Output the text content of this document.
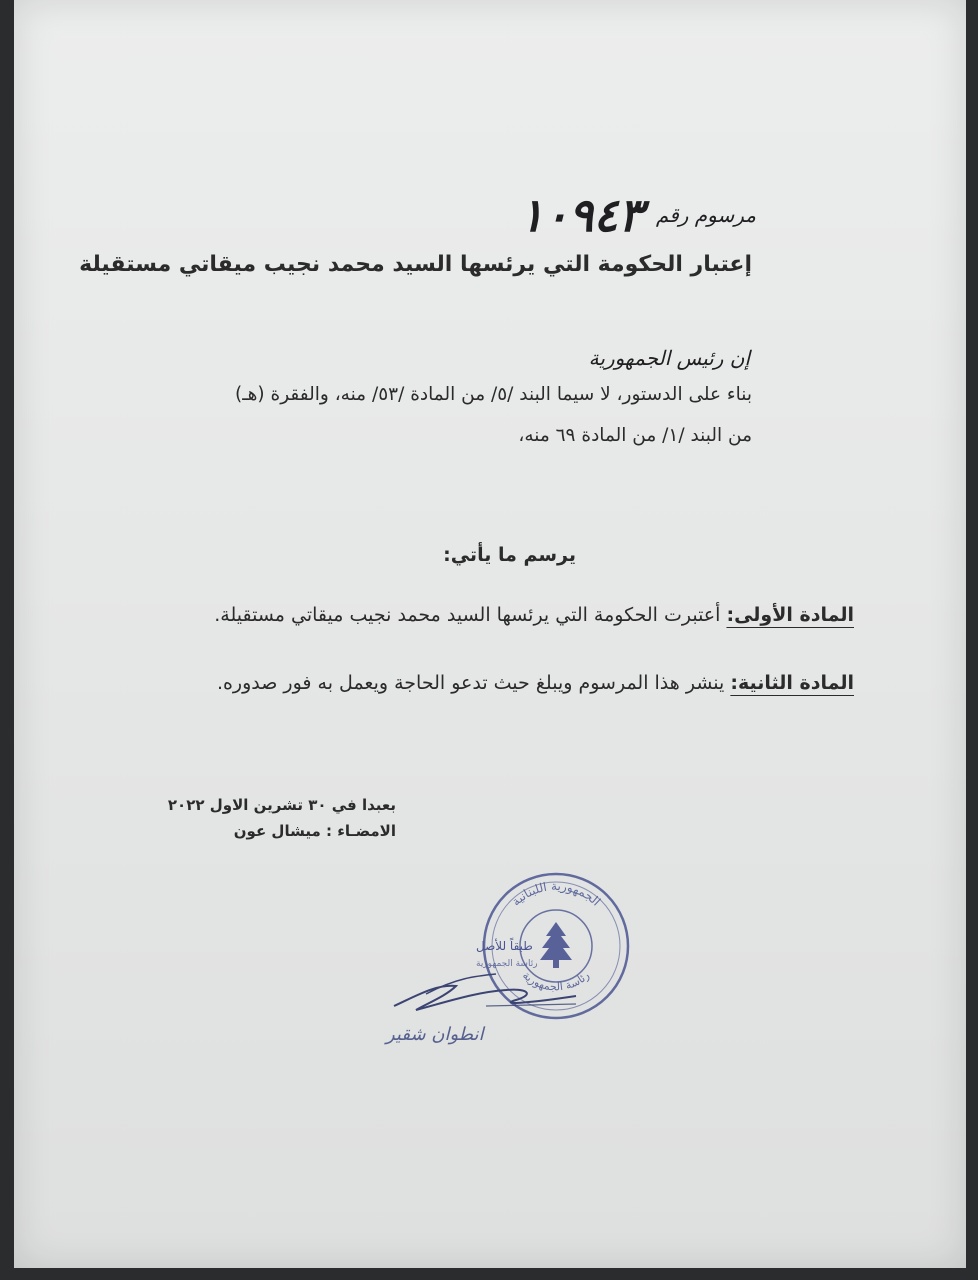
مرسوم رقم ١٠٩٤٣
إعتبار الحكومة التي يرئسها السيد محمد نجيب ميقاتي مستقيلة
إن رئيس الجمهورية
بناء على الدستور، لا سيما البند /٥/ من المادة /٥٣/ منه، والفقرة (هـ)
من البند /١/ من المادة ٦٩ منه،
يرسم ما يأتي:
المادة الأولى: أعتبرت الحكومة التي يرئسها السيد محمد نجيب ميقاتي مستقيلة.
المادة الثانية: ينشر هذا المرسوم ويبلغ حيث تدعو الحاجة ويعمل به فور صدوره.
بعبدا في ٣٠ تشرين الاول ٢٠٢٢
الامضـاء : ميشال عون
الجمهورية اللبنانية
رئاسة الجمهورية
طبقاً للأصل
رئاسة الجمهورية
انطوان شقير
